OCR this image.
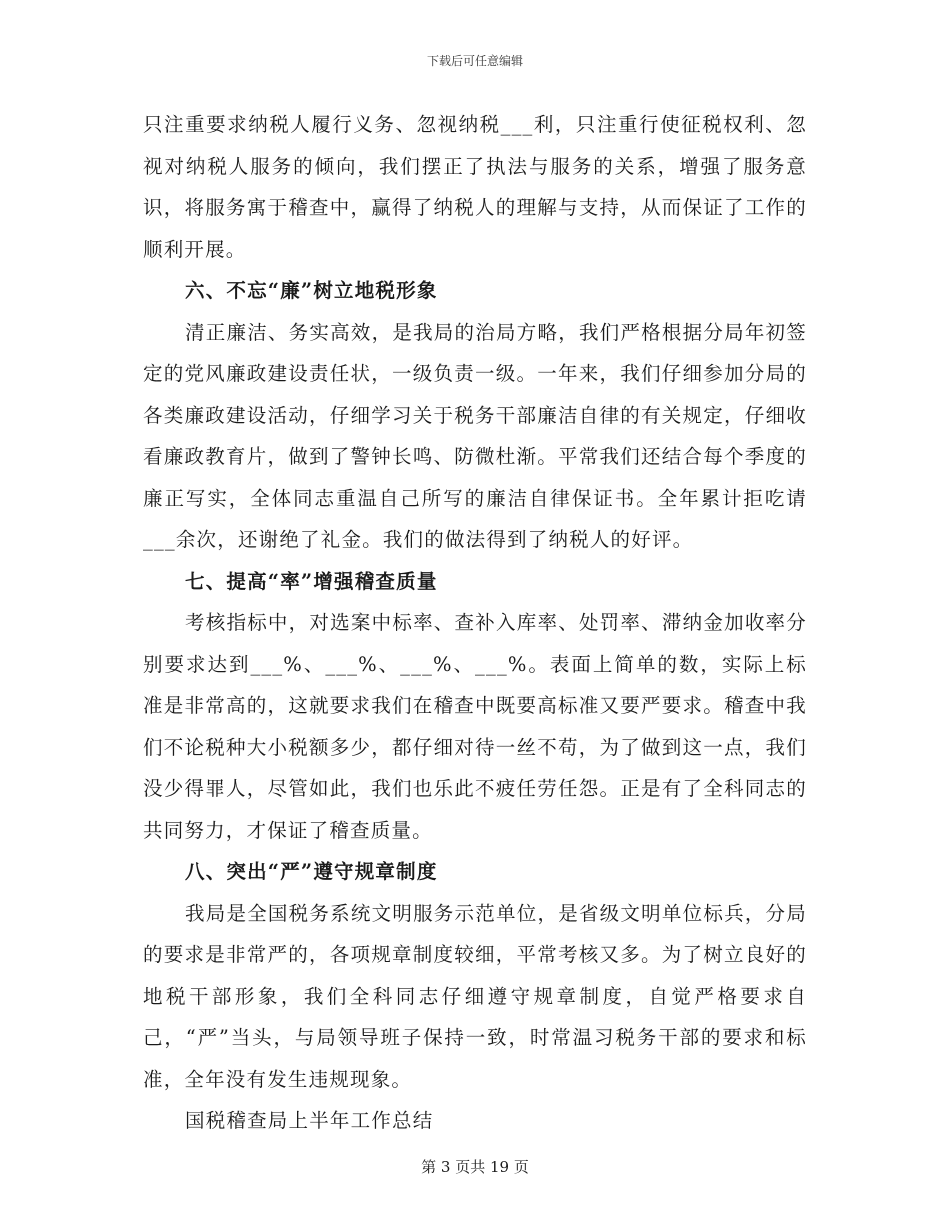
下载后可任意编辑

只注重要求纳税人履行义务、忽视纳税___利，只注重行使征税权利、忽视对纳税人服务的倾向，我们摆正了执法与服务的关系，增强了服务意识，将服务寓于稽查中，赢得了纳税人的理解与支持，从而保证了工作的顺利开展。

六、不忘“廉”树立地税形象

清正廉洁、务实高效，是我局的治局方略，我们严格根据分局年初签定的党风廉政建设责任状，一级负责一级。一年来，我们仔细参加分局的各类廉政建设活动，仔细学习关于税务干部廉洁自律的有关规定，仔细收看廉政教育片，做到了警钟长鸣、防微杜渐。平常我们还结合每个季度的廉正写实，全体同志重温自己所写的廉洁自律保证书。全年累计拒吃请___余次，还谢绝了礼金。我们的做法得到了纳税人的好评。

七、提高“率”增强稽查质量

考核指标中，对选案中标率、查补入库率、处罚率、滞纳金加收率分别要求达到___%、___%、___%、___%。表面上简单的数，实际上标准是非常高的，这就要求我们在稽查中既要高标准又要严要求。稽查中我们不论税种大小税额多少，都仔细对待一丝不苟，为了做到这一点，我们没少得罪人，尽管如此，我们也乐此不疲任劳任怨。正是有了全科同志的共同努力，才保证了稽查质量。

八、突出“严”遵守规章制度

我局是全国税务系统文明服务示范单位，是省级文明单位标兵，分局的要求是非常严的，各项规章制度较细，平常考核又多。为了树立良好的地税干部形象，我们全科同志仔细遵守规章制度，自觉严格要求自己，“严”当头，与局领导班子保持一致，时常温习税务干部的要求和标准，全年没有发生违规现象。

国税稽查局上半年工作总结

第 3 页共 19 页
